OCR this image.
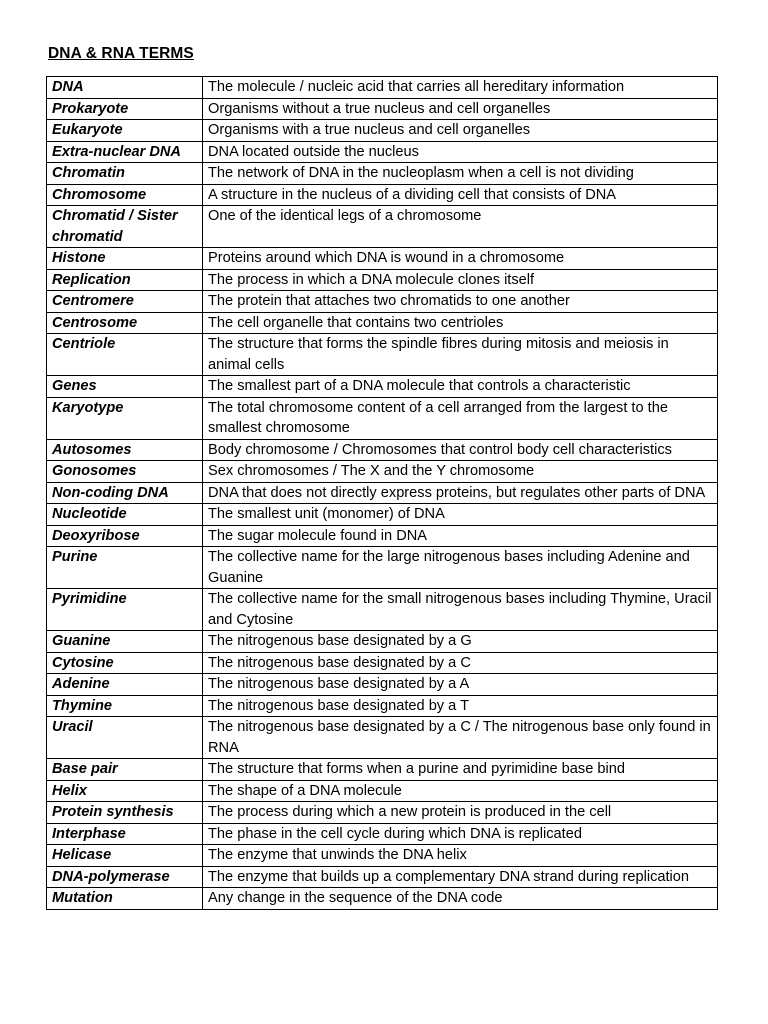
DNA & RNA TERMS
DNA	The molecule / nucleic acid that carries all hereditary information
Prokaryote	Organisms without a true nucleus and cell organelles
Eukaryote	Organisms with a true nucleus and cell organelles
Extra-nuclear DNA	DNA located outside the nucleus
Chromatin	The network of DNA in the nucleoplasm when a cell is not dividing
Chromosome	A structure in the nucleus of a dividing cell that consists of DNA
Chromatid / Sister chromatid	One of the identical legs of a chromosome
Histone	Proteins around which DNA is wound in a chromosome
Replication	The process in which a DNA molecule clones itself
Centromere	The protein that attaches two chromatids to one another
Centrosome	The cell organelle that contains two centrioles
Centriole	The structure that forms the spindle fibres during mitosis and meiosis in animal cells
Genes	The smallest part of a DNA molecule that controls a characteristic
Karyotype	The total chromosome content of a cell arranged from the largest to the smallest chromosome
Autosomes	Body chromosome / Chromosomes that control body cell characteristics
Gonosomes	Sex chromosomes / The X and the Y chromosome
Non-coding DNA	DNA that does not directly express proteins, but regulates other parts of DNA
Nucleotide	The smallest unit (monomer) of DNA
Deoxyribose	The sugar molecule found in DNA
Purine	The collective name for the large nitrogenous bases including Adenine and Guanine
Pyrimidine	The collective name for the small nitrogenous bases including Thymine, Uracil and Cytosine
Guanine	The nitrogenous base designated by a G
Cytosine	The nitrogenous base designated by a C
Adenine	The nitrogenous base designated by a A
Thymine	The nitrogenous base designated by a T
Uracil	The nitrogenous base designated by a C / The nitrogenous base only found in RNA
Base pair	The structure that forms when a purine and pyrimidine base bind
Helix	The shape of a DNA molecule
Protein synthesis	The process during which a new protein is produced in the cell
Interphase	The phase in the cell cycle during which DNA is replicated
Helicase	The enzyme that unwinds the DNA helix
DNA-polymerase	The enzyme that builds up a complementary DNA strand during replication
Mutation	Any change in the sequence of the DNA code
